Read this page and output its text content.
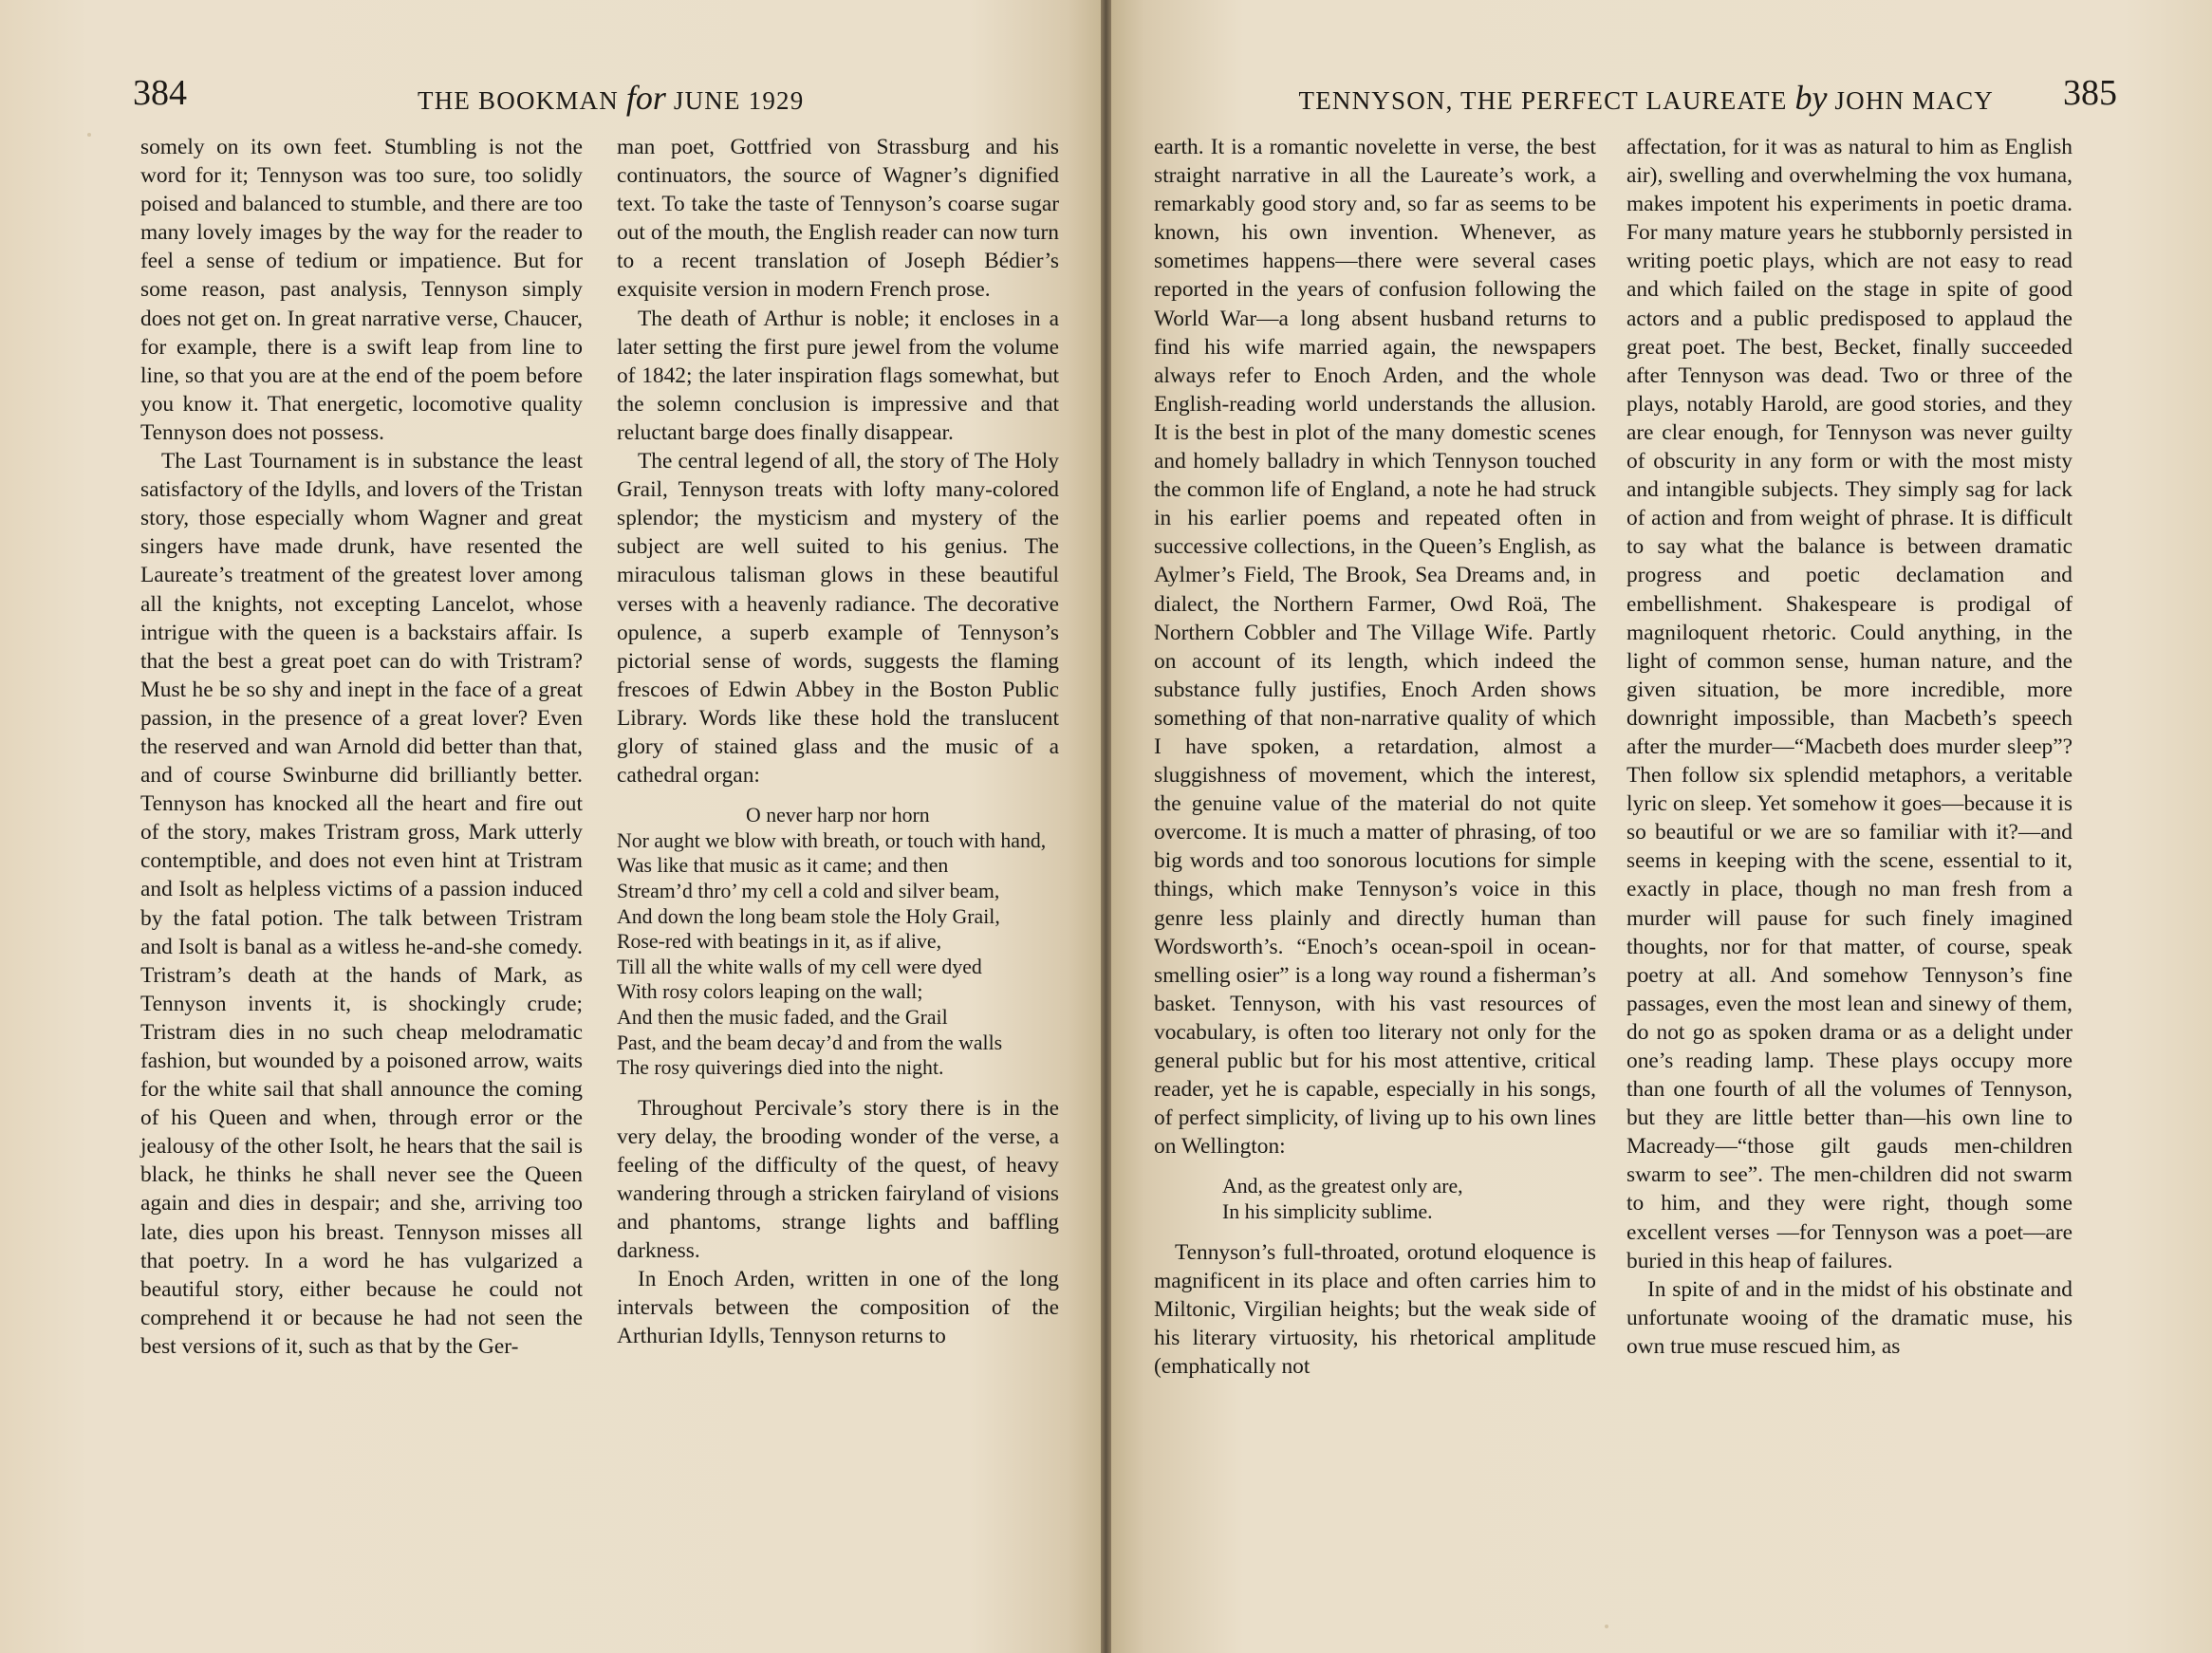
384	THE BOOKMAN for JUNE 1929

somely on its own feet. Stumbling is not the word for it; Tennyson was too sure, too solidly poised and balanced to stumble, and there are too many lovely images by the way for the reader to feel a sense of tedium or impatience. But for some reason, past analysis, Tennyson simply does not get on. In great narrative verse, Chaucer, for example, there is a swift leap from line to line, so that you are at the end of the poem before you know it. That energetic, locomotive quality Tennyson does not possess.

The Last Tournament is in substance the least satisfactory of the Idylls, and lovers of the Tristan story, those especially whom Wagner and great singers have made drunk, have resented the Laureate’s treatment of the greatest lover among all the knights, not excepting Lancelot, whose intrigue with the queen is a backstairs affair. Is that the best a great poet can do with Tristram? Must he be so shy and inept in the face of a great passion, in the presence of a great lover? Even the reserved and wan Arnold did better than that, and of course Swinburne did brilliantly better. Tennyson has knocked all the heart and fire out of the story, makes Tristram gross, Mark utterly contemptible, and does not even hint at Tristram and Isolt as helpless victims of a passion induced by the fatal potion. The talk between Tristram and Isolt is banal as a witless he-and-she comedy. Tristram’s death at the hands of Mark, as Tennyson invents it, is shockingly crude; Tristram dies in no such cheap melodramatic fashion, but wounded by a poisoned arrow, waits for the white sail that shall announce the coming of his Queen and when, through error or the jealousy of the other Isolt, he hears that the sail is black, he thinks he shall never see the Queen again and dies in despair; and she, arriving too late, dies upon his breast. Tennyson misses all that poetry. In a word he has vulgarized a beautiful story, either because he could not comprehend it or because he had not seen the best versions of it, such as that by the Ger-

man poet, Gottfried von Strassburg and his continuators, the source of Wagner’s dignified text. To take the taste of Tennyson’s coarse sugar out of the mouth, the English reader can now turn to a recent translation of Joseph Bédier’s exquisite version in modern French prose.

The death of Arthur is noble; it encloses in a later setting the first pure jewel from the volume of 1842; the later inspiration flags somewhat, but the solemn conclusion is impressive and that reluctant barge does finally disappear.

The central legend of all, the story of The Holy Grail, Tennyson treats with lofty many-colored splendor; the mysticism and mystery of the subject are well suited to his genius. The miraculous talisman glows in these beautiful verses with a heavenly radiance. The decorative opulence, a superb example of Tennyson’s pictorial sense of words, suggests the flaming frescoes of Edwin Abbey in the Boston Public Library. Words like these hold the translucent glory of stained glass and the music of a cathedral organ:

O never harp nor horn
Nor aught we blow with breath, or touch with hand,
Was like that music as it came; and then
Stream’d thro’ my cell a cold and silver beam,
And down the long beam stole the Holy Grail,
Rose-red with beatings in it, as if alive,
Till all the white walls of my cell were dyed
With rosy colors leaping on the wall;
And then the music faded, and the Grail
Past, and the beam decay’d and from the walls
The rosy quiverings died into the night.

Throughout Percivale’s story there is in the very delay, the brooding wonder of the verse, a feeling of the difficulty of the quest, of heavy wandering through a stricken fairyland of visions and phantoms, strange lights and baffling darkness.

In Enoch Arden, written in one of the long intervals between the composition of the Arthurian Idylls, Tennyson returns to

TENNYSON, THE PERFECT LAUREATE by JOHN MACY 385

earth. It is a romantic novelette in verse, the best straight narrative in all the Laureate’s work, a remarkably good story and, so far as seems to be known, his own invention. Whenever, as sometimes happens—there were several cases reported in the years of confusion following the World War—a long absent husband returns to find his wife married again, the newspapers always refer to Enoch Arden, and the whole English-reading world understands the allusion. It is the best in plot of the many domestic scenes and homely balladry in which Tennyson touched the common life of England, a note he had struck in his earlier poems and repeated often in successive collections, in the Queen’s English, as Aylmer’s Field, The Brook, Sea Dreams and, in dialect, the Northern Farmer, Owd Roä, The Northern Cobbler and The Village Wife. Partly on account of its length, which indeed the substance fully justifies, Enoch Arden shows something of that non-narrative quality of which I have spoken, a retardation, almost a sluggishness of movement, which the interest, the genuine value of the material do not quite overcome. It is much a matter of phrasing, of too big words and too sonorous locutions for simple things, which make Tennyson’s voice in this genre less plainly and directly human than Wordsworth’s. “Enoch’s ocean-spoil in ocean-smelling osier” is a long way round a fisherman’s basket. Tennyson, with his vast resources of vocabulary, is often too literary not only for the general public but for his most attentive, critical reader, yet he is capable, especially in his songs, of perfect simplicity, of living up to his own lines on Wellington:

And, as the greatest only are,
In his simplicity sublime.

Tennyson’s full-throated, orotund eloquence is magnificent in its place and often carries him to Miltonic, Virgilian heights; but the weak side of his literary virtuosity, his rhetorical amplitude (emphatically not

affectation, for it was as natural to him as English air), swelling and overwhelming the vox humana, makes impotent his experiments in poetic drama. For many mature years he stubbornly persisted in writing poetic plays, which are not easy to read and which failed on the stage in spite of good actors and a public predisposed to applaud the great poet. The best, Becket, finally succeeded after Tennyson was dead. Two or three of the plays, notably Harold, are good stories, and they are clear enough, for Tennyson was never guilty of obscurity in any form or with the most misty and intangible subjects. They simply sag for lack of action and from weight of phrase. It is difficult to say what the balance is between dramatic progress and poetic declamation and embellishment. Shakespeare is prodigal of magniloquent rhetoric. Could anything, in the light of common sense, human nature, and the given situation, be more incredible, more downright impossible, than Macbeth’s speech after the murder—“Macbeth does murder sleep”? Then follow six splendid metaphors, a veritable lyric on sleep. Yet somehow it goes—because it is so beautiful or we are so familiar with it?—and seems in keeping with the scene, essential to it, exactly in place, though no man fresh from a murder will pause for such finely imagined thoughts, nor for that matter, of course, speak poetry at all. And somehow Tennyson’s fine passages, even the most lean and sinewy of them, do not go as spoken drama or as a delight under one’s reading lamp. These plays occupy more than one fourth of all the volumes of Tennyson, but they are little better than—his own line to Macready—“those gilt gauds men-children swarm to see”. The men-children did not swarm to him, and they were right, though some excellent verses —for Tennyson was a poet—are buried in this heap of failures.

In spite of and in the midst of his obstinate and unfortunate wooing of the dramatic muse, his own true muse rescued him, as
